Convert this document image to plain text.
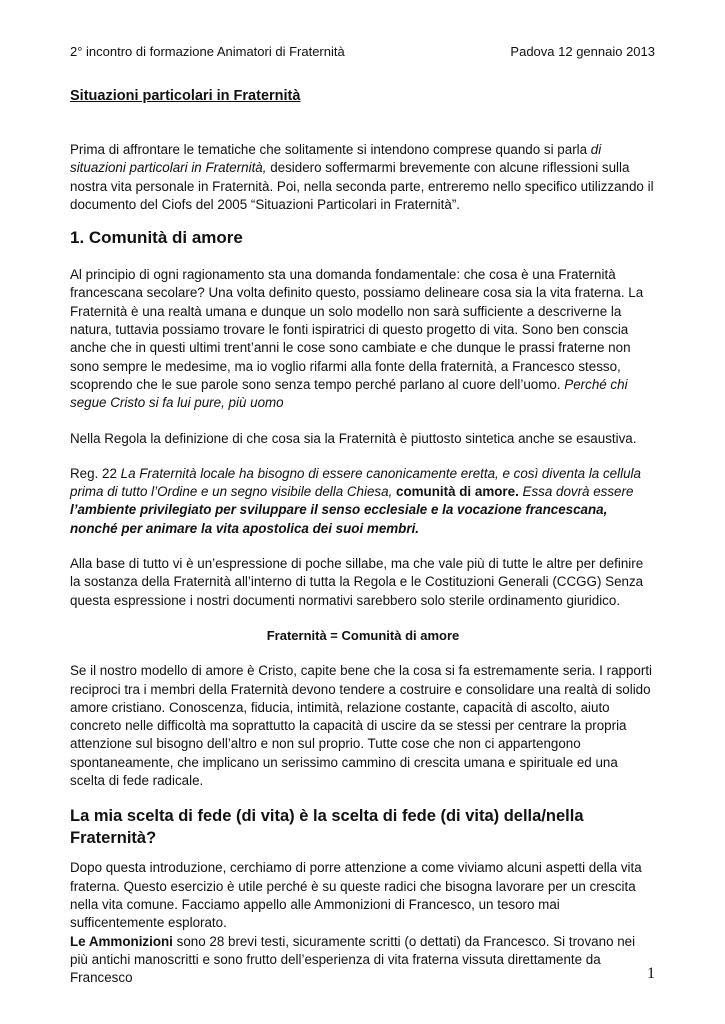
2° incontro di formazione Animatori di Fraternità	Padova 12 gennaio 2013
Situazioni particolari in Fraternità

Prima di affrontare le tematiche che solitamente si intendono comprese quando si parla di situazioni particolari in Fraternità, desidero soffermarmi brevemente con alcune riflessioni sulla nostra vita personale in Fraternità. Poi, nella seconda parte, entreremo nello specifico utilizzando il documento del Ciofs del 2005 “Situazioni Particolari in Fraternità”.

1. Comunità di amore

Al principio di ogni ragionamento sta una domanda fondamentale: che cosa è una Fraternità francescana secolare? Una volta definito questo, possiamo delineare cosa sia la vita fraterna. La Fraternità è una realtà umana e dunque un solo modello non sarà sufficiente a descriverne la natura, tuttavia possiamo trovare le fonti ispiratrici di questo progetto di vita. Sono ben conscia anche che in questi ultimi trent’anni le cose sono cambiate e che dunque le prassi fraterne non sono sempre le medesime, ma io voglio rifarmi alla fonte della fraternità, a Francesco stesso, scoprendo che le sue parole sono senza tempo perché parlano al cuore dell’uomo. Perché chi segue Cristo si fa lui pure, più uomo

Nella Regola la definizione di che cosa sia la Fraternità è piuttosto sintetica anche se esaustiva.

Reg. 22 La Fraternità locale ha bisogno di essere canonicamente eretta, e così diventa la cellula prima di tutto l’Ordine e un segno visibile della Chiesa, comunità di amore. Essa dovrà essere l’ambiente privilegiato per sviluppare il senso ecclesiale e la vocazione francescana, nonché per animare la vita apostolica dei suoi membri.

Alla base di tutto vi è un’espressione di poche sillabe, ma che vale più di tutte le altre per definire la sostanza della Fraternità all’interno di tutta la Regola e le Costituzioni Generali (CCGG) Senza questa espressione i nostri documenti normativi sarebbero solo sterile ordinamento giuridico.

Fraternità = Comunità di amore

Se il nostro modello di amore è Cristo, capite bene che la cosa si fa estremamente seria. I rapporti reciproci tra i membri della Fraternità devono tendere a costruire e consolidare una realtà di solido amore cristiano. Conoscenza, fiducia, intimità, relazione costante, capacità di ascolto, aiuto concreto nelle difficoltà ma soprattutto la capacità di uscire da se stessi per centrare la propria attenzione sul bisogno dell’altro e non sul proprio. Tutte cose che non ci appartengono spontaneamente, che implicano un serissimo cammino di crescita umana e spirituale ed una scelta di fede radicale.

La mia scelta di fede (di vita) è la scelta di fede (di vita) della/nella Fraternità?

Dopo questa introduzione, cerchiamo di porre attenzione a come viviamo alcuni aspetti della vita fraterna. Questo esercizio è utile perché è su queste radici che bisogna lavorare per un crescita nella vita comune. Facciamo appello alle Ammonizioni di Francesco, un tesoro mai sufficentemente esplorato.

Le Ammonizioni sono 28 brevi testi, sicuramente scritti (o dettati) da Francesco. Si trovano nei più antichi manoscritti e sono frutto dell’esperienza di vita fraterna vissuta direttamente da Francesco	1
